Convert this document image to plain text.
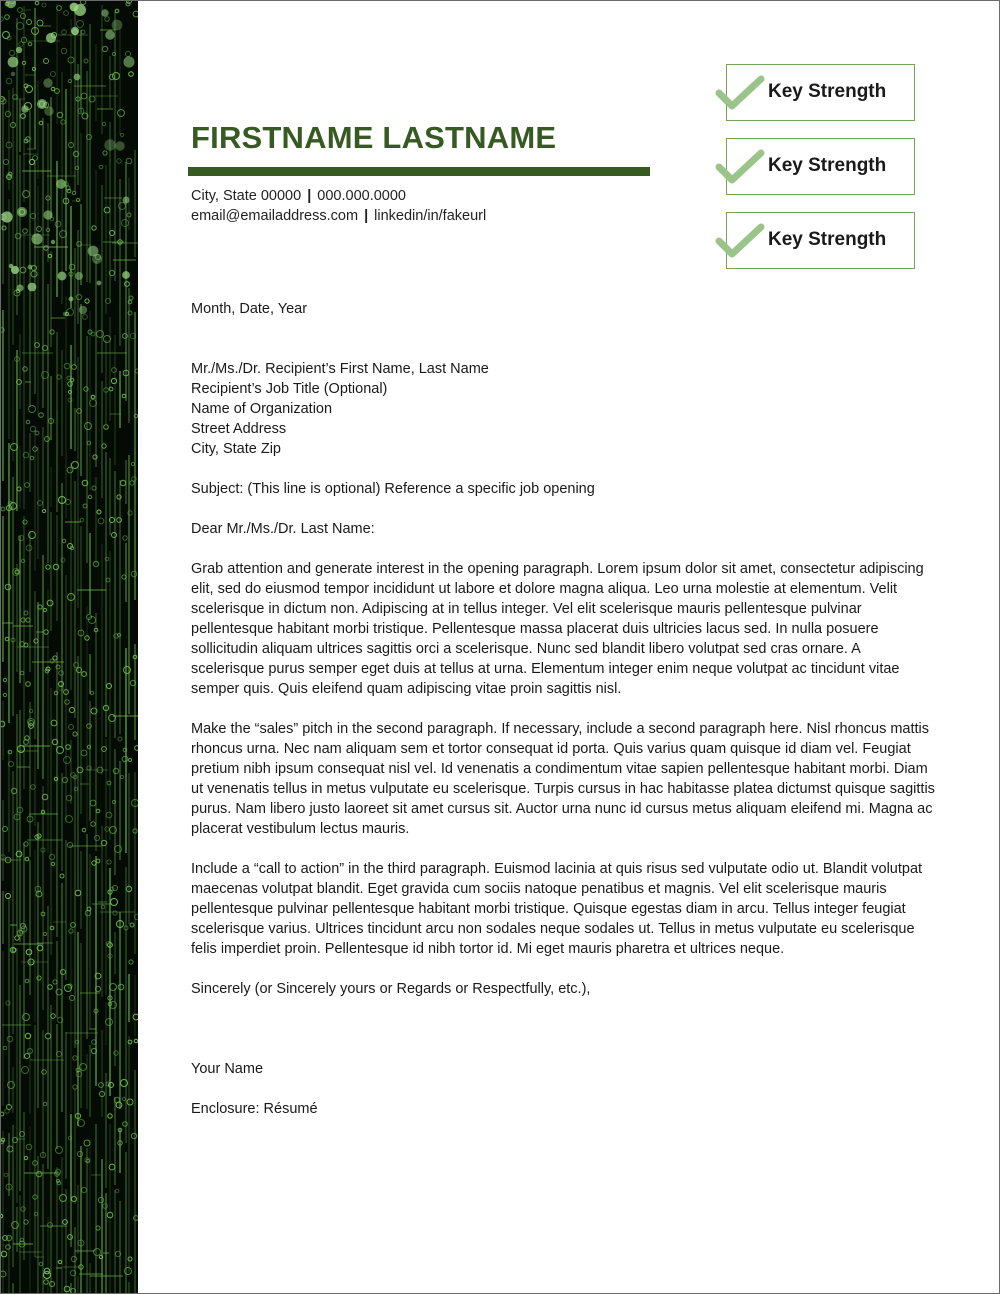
FIRSTNAME LASTNAME
City, State 00000 | 000.000.0000
email@emailaddress.com | linkedin/in/fakeurl
Key Strength
Key Strength
Key Strength

Month, Date, Year

Mr./Ms./Dr. Recipient’s First Name, Last Name

Recipient’s Job Title (Optional)

Name of Organization

Street Address

City, State Zip

Subject: (This line is optional) Reference a specific job opening

Dear Mr./Ms./Dr. Last Name:

Grab attention and generate interest in the opening paragraph. Lorem ipsum dolor sit amet, consectetur adipiscing elit, sed do eiusmod tempor incididunt ut labore et dolore magna aliqua. Leo urna molestie at elementum. Velit scelerisque in dictum non. Adipiscing at in tellus integer. Vel elit scelerisque mauris pellentesque pulvinar pellentesque habitant morbi tristique. Pellentesque massa placerat duis ultricies lacus sed. In nulla posuere sollicitudin aliquam ultrices sagittis orci a scelerisque. Nunc sed blandit libero volutpat sed cras ornare. A scelerisque purus semper eget duis at tellus at urna. Elementum integer enim neque volutpat ac tincidunt vitae semper quis. Quis eleifend quam adipiscing vitae proin sagittis nisl.

Make the “sales” pitch in the second paragraph. If necessary, include a second paragraph here. Nisl rhoncus mattis rhoncus urna. Nec nam aliquam sem et tortor consequat id porta. Quis varius quam quisque id diam vel. Feugiat pretium nibh ipsum consequat nisl vel. Id venenatis a condimentum vitae sapien pellentesque habitant morbi. Diam ut venenatis tellus in metus vulputate eu scelerisque. Turpis cursus in hac habitasse platea dictumst quisque sagittis purus. Nam libero justo laoreet sit amet cursus sit. Auctor urna nunc id cursus metus aliquam eleifend mi. Magna ac placerat vestibulum lectus mauris.

Include a “call to action” in the third paragraph. Euismod lacinia at quis risus sed vulputate odio ut. Blandit volutpat maecenas volutpat blandit. Eget gravida cum sociis natoque penatibus et magnis. Vel elit scelerisque mauris pellentesque pulvinar pellentesque habitant morbi tristique. Quisque egestas diam in arcu. Tellus integer feugiat scelerisque varius. Ultrices tincidunt arcu non sodales neque sodales ut. Tellus in metus vulputate eu scelerisque felis imperdiet proin. Pellentesque id nibh tortor id. Mi eget mauris pharetra et ultrices neque.

Sincerely (or Sincerely yours or Regards or Respectfully, etc.),

Your Name

Enclosure: Résumé
